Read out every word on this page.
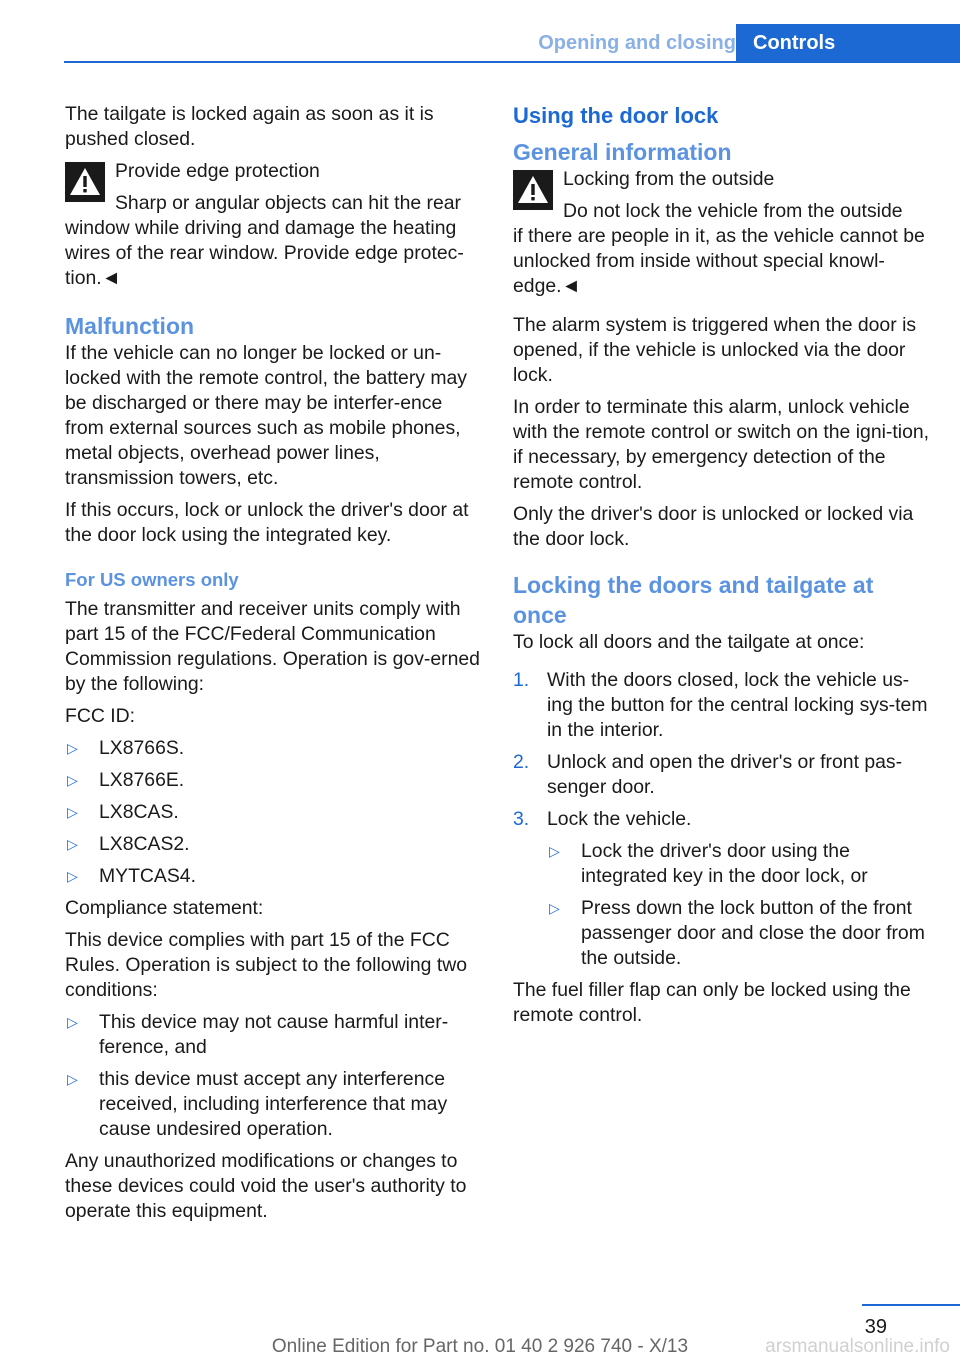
Opening and closing Controls

The tailgate is locked again as soon as it is pushed closed.

Provide edge protection
Sharp or angular objects can hit the rear
window while driving and damage the heating wires of the rear window. Provide edge protec-tion.◄
Malfunction

If the vehicle can no longer be locked or un-locked with the remote control, the battery may be discharged or there may be interfer-ence from external sources such as mobile phones, metal objects, overhead power lines, transmission towers, etc.

If this occurs, lock or unlock the driver's door at the door lock using the integrated key.

For US owners only

The transmitter and receiver units comply with part 15 of the FCC/Federal Communication Commission regulations. Operation is gov-erned by the following:

FCC ID:

▷ LX8766S.
▷ LX8766E.
▷ LX8CAS.
▷ LX8CAS2.
▷ MYTCAS4.

Compliance statement:

This device complies with part 15 of the FCC Rules. Operation is subject to the following two conditions:

▷ This device may not cause harmful inter-ference, and
▷ this device must accept any interference received, including interference that may cause undesired operation.

Any unauthorized modifications or changes to these devices could void the user's authority to operate this equipment.

Using the door lock
General information
Locking from the outside
Do not lock the vehicle from the outside
if there are people in it, as the vehicle cannot be unlocked from inside without special knowl-edge.◄

The alarm system is triggered when the door is opened, if the vehicle is unlocked via the door lock.

In order to terminate this alarm, unlock vehicle with the remote control or switch on the igni-tion, if necessary, by emergency detection of the remote control.

Only the driver's door is unlocked or locked via the door lock.

Locking the doors and tailgate at once

To lock all doors and the tailgate at once:

1. With the doors closed, lock the vehicle us-ing the button for the central locking sys-tem in the interior.
2. Unlock and open the driver's or front pas-senger door.
3. Lock the vehicle.
▷ Lock the driver's door using the integrated key in the door lock, or
▷ Press down the lock button of the front passenger door and close the door from the outside.

The fuel filler flap can only be locked using the remote control.

39
Online Edition for Part no. 01 40 2 926 740 - X/13	arsmanualsonline.info
